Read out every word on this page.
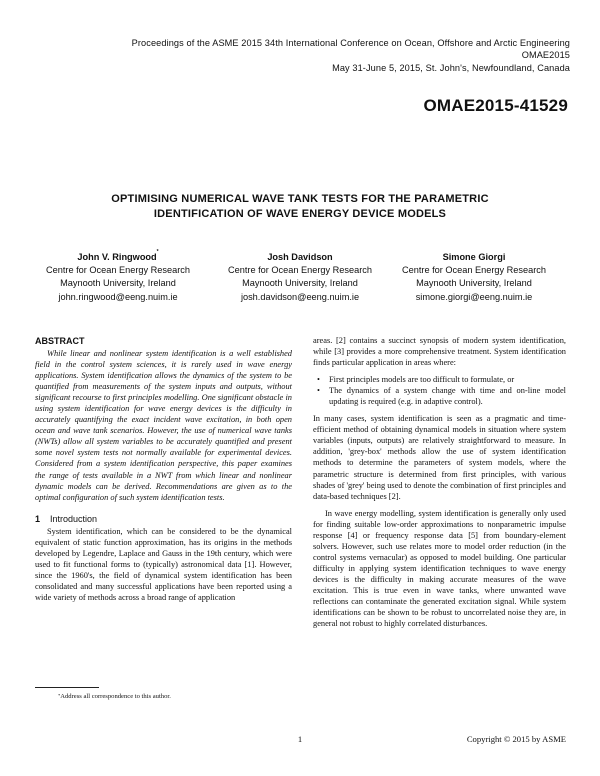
Proceedings of the ASME 2015 34th International Conference on Ocean, Offshore and Arctic Engineering
OMAE2015
May 31-June 5, 2015, St. John's, Newfoundland, Canada
OMAE2015-41529
OPTIMISING NUMERICAL WAVE TANK TESTS FOR THE PARAMETRIC
IDENTIFICATION OF WAVE ENERGY DEVICE MODELS
John V. Ringwood*
Centre for Ocean Energy Research
Maynooth University, Ireland
john.ringwood@eeng.nuim.ie
Josh Davidson
Centre for Ocean Energy Research
Maynooth University, Ireland
josh.davidson@eeng.nuim.ie
Simone Giorgi
Centre for Ocean Energy Research
Maynooth University, Ireland
simone.giorgi@eeng.nuim.ie
ABSTRACT

While linear and nonlinear system identification is a well established field in the control system sciences, it is rarely used in wave energy applications. System identification allows the dynamics of the system to be quantified from measurements of the system inputs and outputs, without significant recourse to first principles modelling. One significant obstacle in using system identification for wave energy devices is the difficulty in accurately quantifying the exact incident wave excitation, in both open ocean and wave tank scenarios. However, the use of numerical wave tanks (NWTs) allow all system variables to be accurately quantified and present some novel system tests not normally available for experimental devices. Considered from a system identification perspective, this paper examines the range of tests available in a NWT from which linear and nonlinear dynamic models can be derived. Recommendations are given as to the optimal configuration of such system identification tests.

1 Introduction

System identification, which can be considered to be the dynamical equivalent of static function approximation, has its origins in the methods developed by Legendre, Laplace and Gauss in the 19th century, which were used to fit functional forms to (typically) astronomical data [1]. However, since the 1960's, the field of dynamical system identification has been consolidated and many successful applications have been reported using a wide variety of methods across a broad range of application

areas. [2] contains a succinct synopsis of modern system identification, while [3] provides a more comprehensive treatment. System identification finds particular application in areas where:

• First principles models are too difficult to formulate, or
• The dynamics of a system change with time and on-line model updating is required (e.g. in adaptive control).

In many cases, system identification is seen as a pragmatic and time-efficient method of obtaining dynamical models in situation where system variables (inputs, outputs) are relatively straightforward to measure. In addition, 'grey-box' methods allow the use of system identification methods to determine the parameters of system models, where the parametric structure is determined from first principles, with various shades of 'grey' being used to denote the combination of first principles and data-based techniques [2].

In wave energy modelling, system identification is generally only used for finding suitable low-order approximations to nonparametric impulse response [4] or frequency response data [5] from boundary-element solvers. However, such use relates more to model order reduction (in the control systems vernacular) as opposed to model building. One particular difficulty in applying system identification techniques to wave energy devices is the difficulty in making accurate measures of the wave excitation. This is true even in wave tanks, where unwanted wave reflections can contaminate the generated excitation signal. While system identifications can be shown to be robust to uncorrelated noise they are, in general not robust to highly correlated disturbances.

*Address all correspondence to this author.
1	Copyright © 2015 by ASME
